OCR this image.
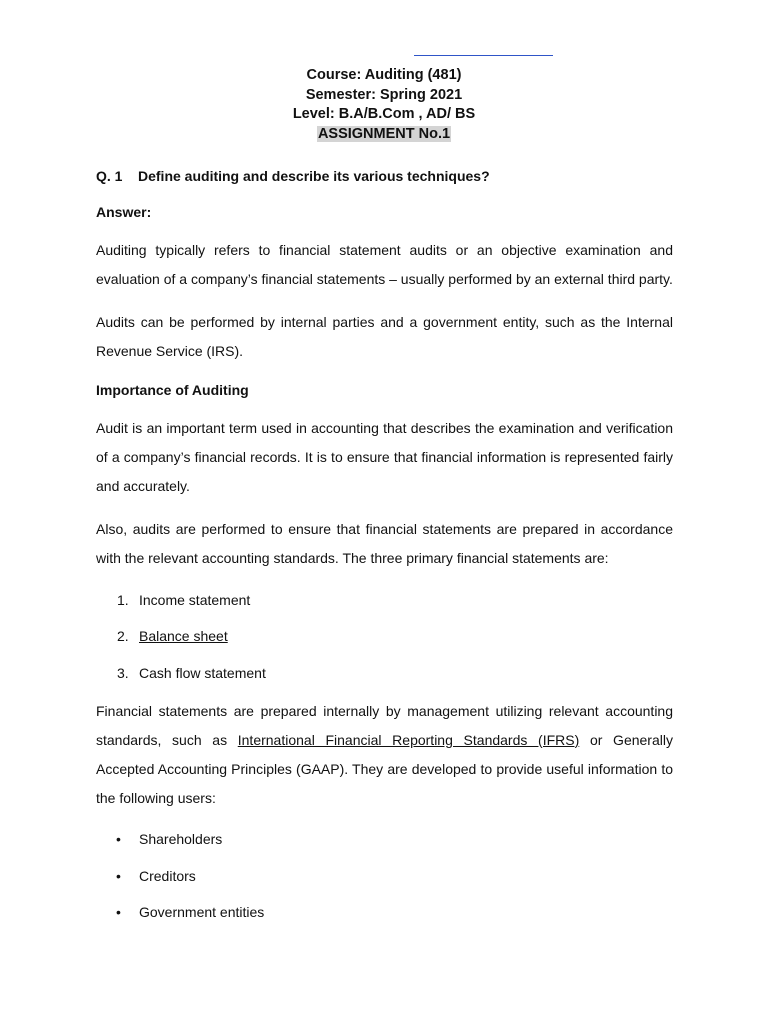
Course: Auditing (481)
Semester: Spring 2021
Level: B.A/B.Com , AD/ BS
ASSIGNMENT No.1

Q. 1 Define auditing and describe its various techniques?

Answer:

Auditing typically refers to financial statement audits or an objective examination and evaluation of a company’s financial statements – usually performed by an external third party.

Audits can be performed by internal parties and a government entity, such as the Internal Revenue Service (IRS).

Importance of Auditing

Audit is an important term used in accounting that describes the examination and verification of a company’s financial records. It is to ensure that financial information is represented fairly and accurately.

Also, audits are performed to ensure that financial statements are prepared in accordance with the relevant accounting standards. The three primary financial statements are:

1. Income statement
2. Balance sheet
3. Cash flow statement

Financial statements are prepared internally by management utilizing relevant accounting standards, such as International Financial Reporting Standards (IFRS) or Generally Accepted Accounting Principles (GAAP). They are developed to provide useful information to the following users:

• Shareholders
• Creditors
• Government entities
